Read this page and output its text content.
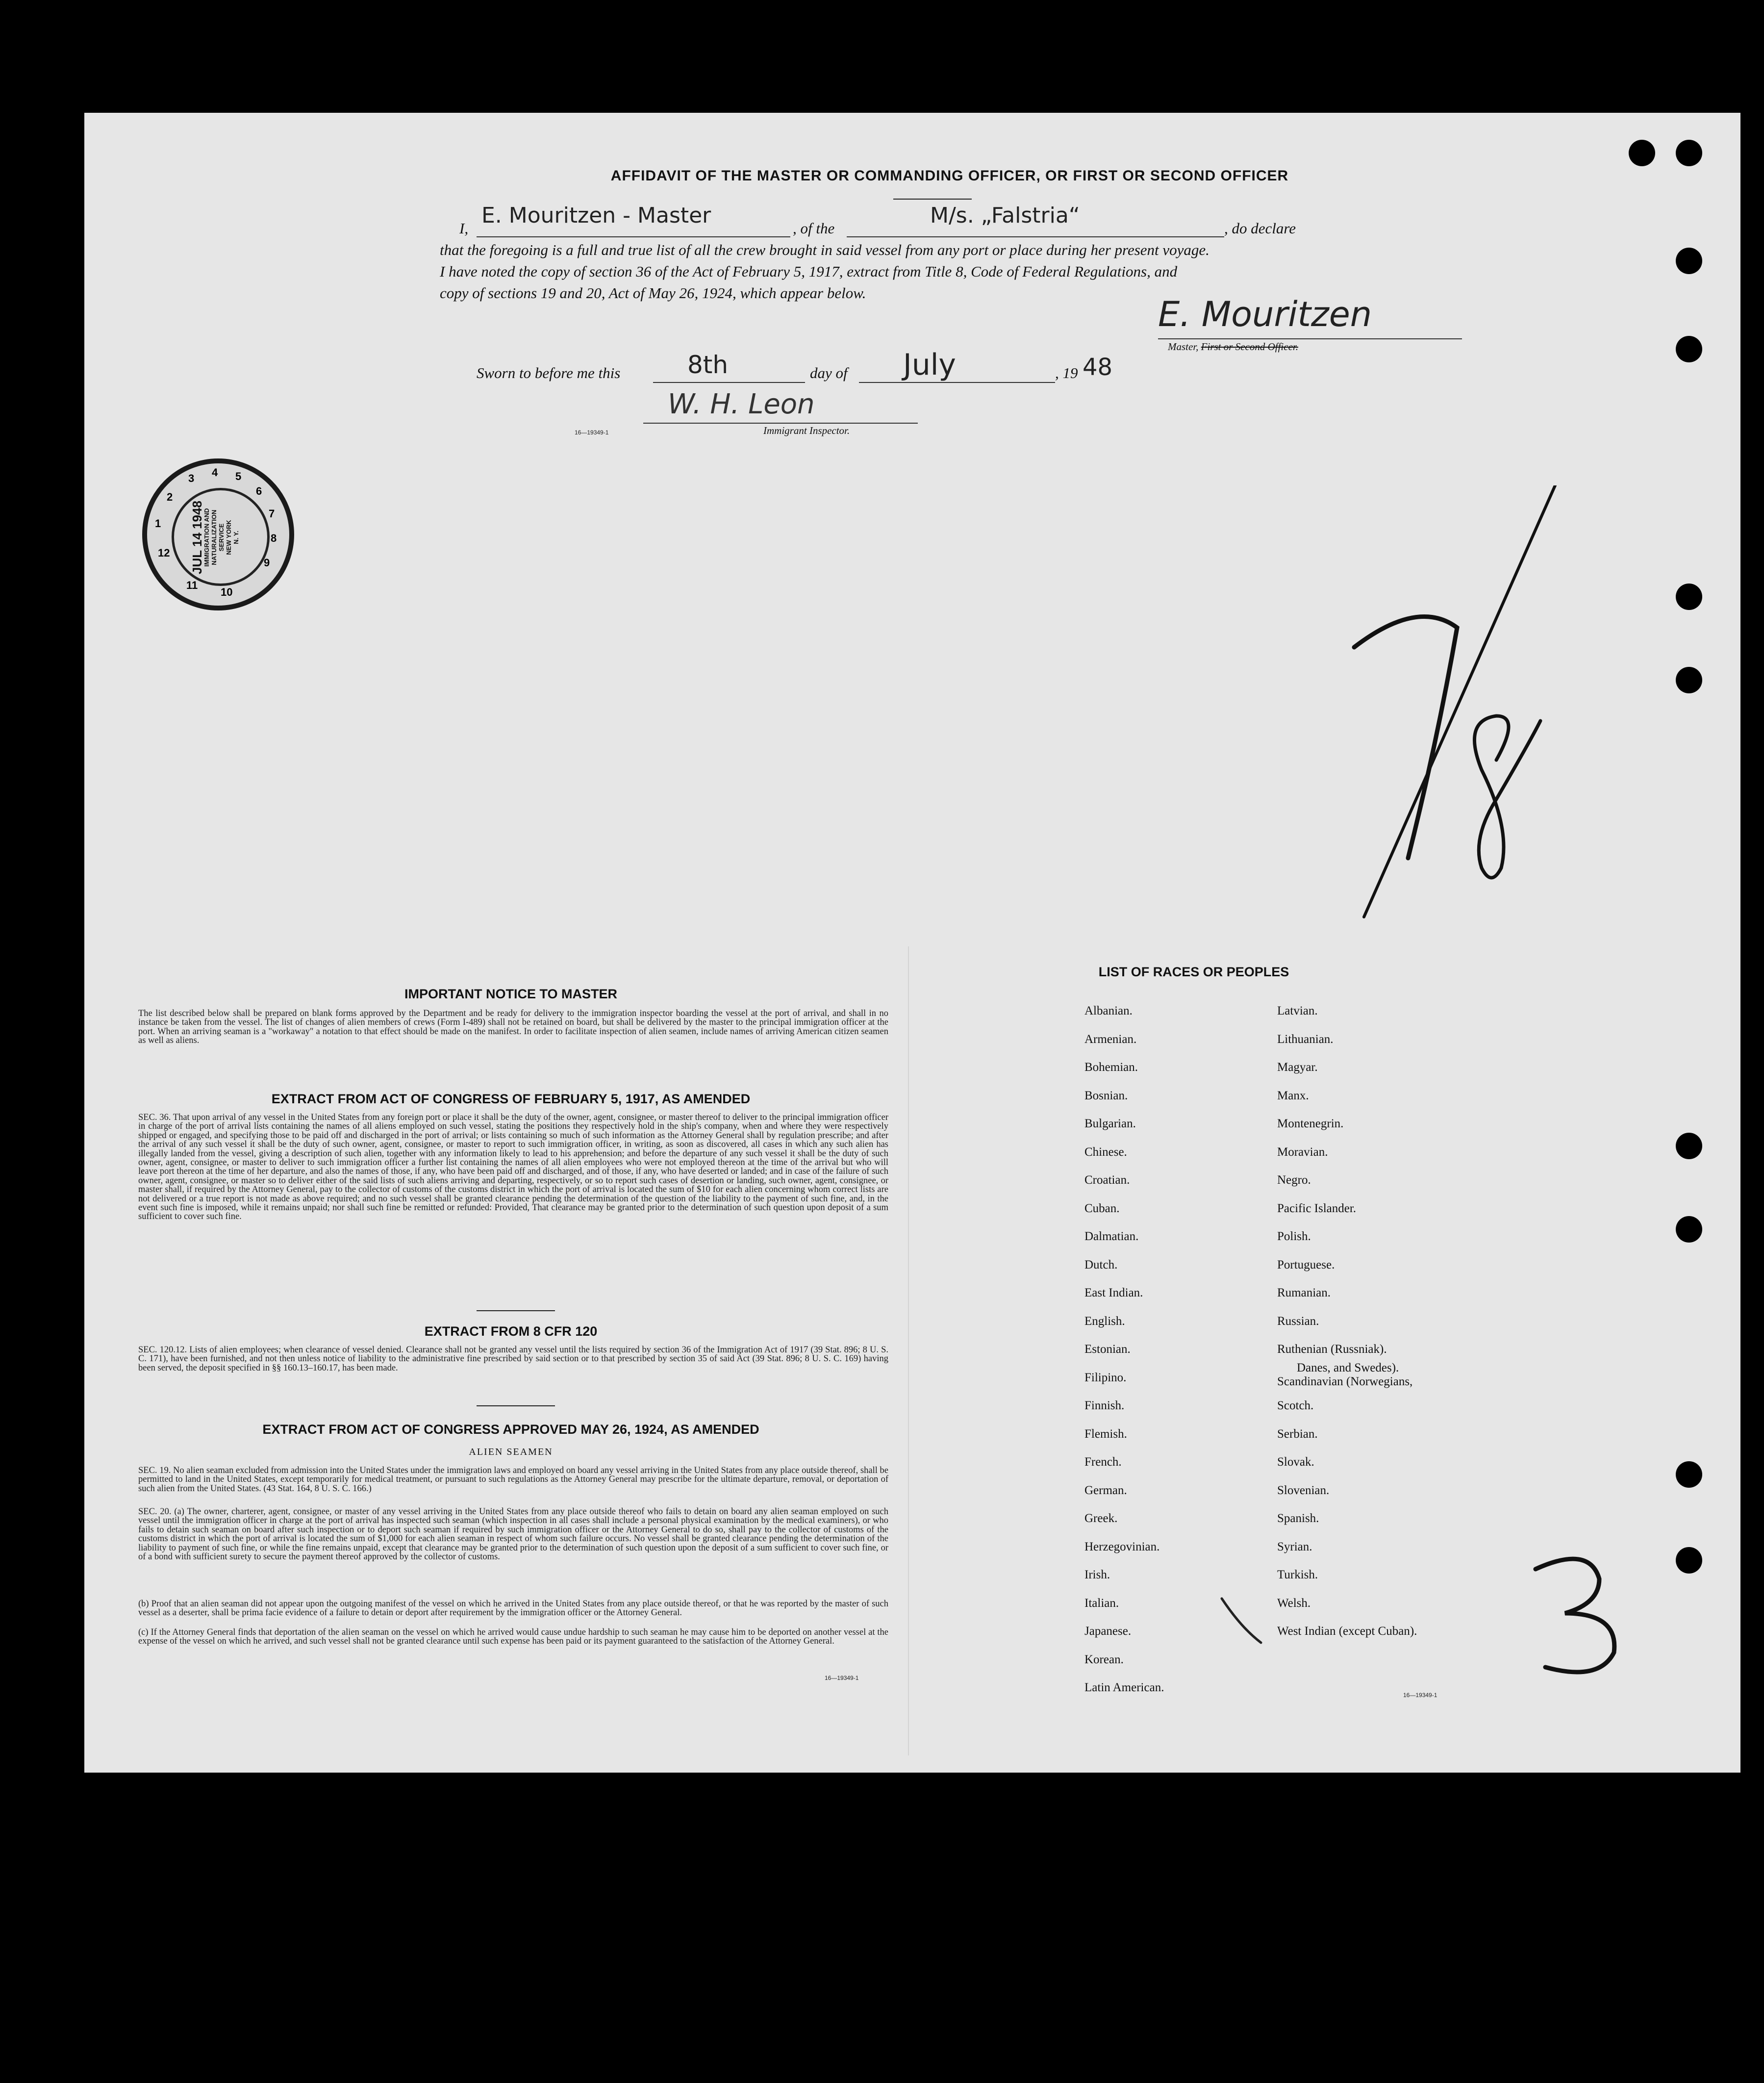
AFFIDAVIT OF THE MASTER OR COMMANDING OFFICER, OR FIRST OR SECOND OFFICER
I,
E. Mouritzen - Master
, of the
M/s. „Falstria“
, do declare
that the foregoing is a full and true list of all the crew brought in said vessel from any port or place during her present voyage.
I have noted the copy of section 36 of the Act of February 5, 1917, extract from Title 8, Code of Federal Regulations, and
copy of sections 19 and 20, Act of May 26, 1924, which appear below.
E. Mouritzen
Master, First or Second Officer.
Sworn to before me this	8th	day of July	, 19 48
W. H. Leon
16—19349-1	Immigrant Inspector.
4 5
6
7
8
9
10
11
12
1
2
3
JUL 14 1948
IMMIGRATION AND NATURALIZATION SERVICE NEW YORK N. Y.
IMPORTANT NOTICE TO MASTER
The list described below shall be prepared on blank forms approved by the Department and be ready for delivery to the immigration inspector boarding the vessel at the port of arrival, and shall in no instance be taken from the vessel. The list of changes of alien members of crews (Form I-489) shall not be retained on board, but shall be delivered by the master to the principal immigration officer at the port. When an arriving seaman is a "workaway" a notation to that effect should be made on the manifest. In order to facilitate inspection of alien seamen, include names of arriving American citizen seamen as well as aliens.
EXTRACT FROM ACT OF CONGRESS OF FEBRUARY 5, 1917, AS AMENDED
SEC. 36. That upon arrival of any vessel in the United States from any foreign port or place it shall be the duty of the owner, agent, consignee, or master thereof to deliver to the principal immigration officer in charge of the port of arrival lists containing the names of all aliens employed on such vessel, stating the positions they respectively hold in the ship's company, when and where they were respectively shipped or engaged, and specifying those to be paid off and discharged in the port of arrival; or lists containing so much of such information as the Attorney General shall by regulation prescribe; and after the arrival of any such vessel it shall be the duty of such owner, agent, consignee, or master to report to such immigration officer, in writing, as soon as discovered, all cases in which any such alien has illegally landed from the vessel, giving a description of such alien, together with any information likely to lead to his apprehension; and before the departure of any such vessel it shall be the duty of such owner, agent, consignee, or master to deliver to such immigration officer a further list containing the names of all alien employees who were not employed thereon at the time of the arrival but who will leave port thereon at the time of her departure, and also the names of those, if any, who have been paid off and discharged, and of those, if any, who have deserted or landed; and in case of the failure of such owner, agent, consignee, or master so to deliver either of the said lists of such aliens arriving and departing, respectively, or so to report such cases of desertion or landing, such owner, agent, consignee, or master shall, if required by the Attorney General, pay to the collector of customs of the customs district in which the port of arrival is located the sum of $10 for each alien concerning whom correct lists are not delivered or a true report is not made as above required; and no such vessel shall be granted clearance pending the determination of the question of the liability to the payment of such fine, and, in the event such fine is imposed, while it remains unpaid; nor shall such fine be remitted or refunded: Provided, That clearance may be granted prior to the determination of such question upon deposit of a sum sufficient to cover such fine.
EXTRACT FROM 8 CFR 120
SEC. 120.12. Lists of alien employees; when clearance of vessel denied. Clearance shall not be granted any vessel until the lists required by section 36 of the Immigration Act of 1917 (39 Stat. 896; 8 U. S. C. 171), have been furnished, and not then unless notice of liability to the administrative fine prescribed by said section or to that prescribed by section 35 of said Act (39 Stat. 896; 8 U. S. C. 169) having been served, the deposit specified in §§ 160.13–160.17, has been made.
EXTRACT FROM ACT OF CONGRESS APPROVED MAY 26, 1924, AS AMENDED
ALIEN SEAMEN
SEC. 19. No alien seaman excluded from admission into the United States under the immigration laws and employed on board any vessel arriving in the United States from any place outside thereof, shall be permitted to land in the United States, except temporarily for medical treatment, or pursuant to such regulations as the Attorney General may prescribe for the ultimate departure, removal, or deportation of such alien from the United States. (43 Stat. 164, 8 U. S. C. 166.)
SEC. 20. (a) The owner, charterer, agent, consignee, or master of any vessel arriving in the United States from any place outside thereof who fails to detain on board any alien seaman employed on such vessel until the immigration officer in charge at the port of arrival has inspected such seaman (which inspection in all cases shall include a personal physical examination by the medical examiners), or who fails to detain such seaman on board after such inspection or to deport such seaman if required by such immigration officer or the Attorney General to do so, shall pay to the collector of customs of the customs district in which the port of arrival is located the sum of $1,000 for each alien seaman in respect of whom such failure occurs. No vessel shall be granted clearance pending the determination of the liability to payment of such fine, or while the fine remains unpaid, except that clearance may be granted prior to the determination of such question upon the deposit of a sum sufficient to cover such fine, or of a bond with sufficient surety to secure the payment thereof approved by the collector of customs.
(b) Proof that an alien seaman did not appear upon the outgoing manifest of the vessel on which he arrived in the United States from any place outside thereof, or that he was reported by the master of such vessel as a deserter, shall be prima facie evidence of a failure to detain or deport after requirement by the immigration officer or the Attorney General.
(c) If the Attorney General finds that deportation of the alien seaman on the vessel on which he arrived would cause undue hardship to such seaman he may cause him to be deported on another vessel at the expense of the vessel on which he arrived, and such vessel shall not be granted clearance until such expense has been paid or its payment guaranteed to the satisfaction of the Attorney General.
16—19349-1
LIST OF RACES OR PEOPLES
Albanian.
Armenian.
Bohemian.
Bosnian.
Bulgarian.
Chinese.
Croatian.
Cuban.
Dalmatian.
Dutch.
East Indian.
English.
Estonian.
Filipino.
Finnish.
Flemish.
French.
German.
Greek.
Herzegovinian.
Irish.
Italian.
Japanese.
Korean.
Latin American.
Latvian.
Lithuanian.
Magyar.
Manx.
Montenegrin.
Moravian.
Negro.
Pacific Islander.
Polish.
Portuguese.
Rumanian.
Russian.
Ruthenian (Russniak).
Scandinavian (Norwegians,
Danes, and Swedes).
Scotch.
Serbian.
Slovak.
Slovenian.
Spanish.
Syrian.
Turkish.
Welsh.
West Indian (except Cuban).
16—19349-1
